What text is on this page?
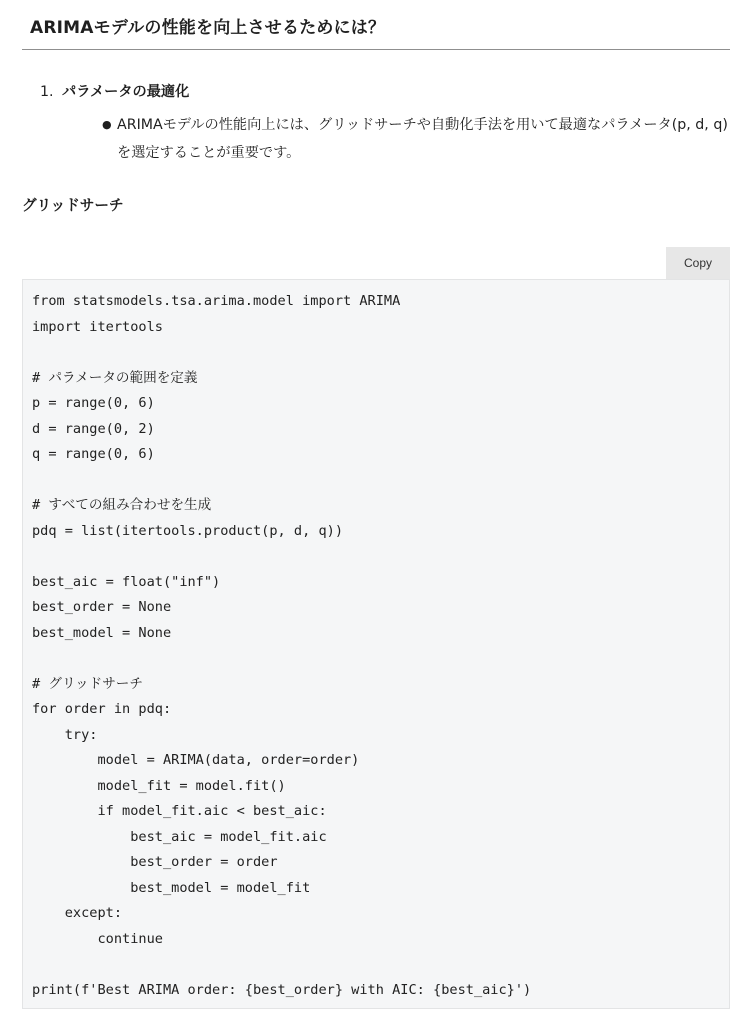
ARIMAモデルの性能を向上させるためには？
1. パラメータの最適化
● ARIMAモデルの性能向上には、グリッドサーチや自動化手法を用いて最適なパラメータ(p, d, q)を選定することが重要です。
グリッドサーチ
Copy
from statsmodels.tsa.arima.model import ARIMA
import itertools
# パラメータの範囲を定義
p = range(0, 6)
d = range(0, 2)
q = range(0, 6)
# すべての組み合わせを生成
pdq = list(itertools.product(p, d, q))
best_aic = float("inf")
best_order = None
best_model = None
# グリッドサーチ
for order in pdq:
try:
model = ARIMA(data, order=order)
model_fit = model.fit()
if model_fit.aic < best_aic:
best_aic = model_fit.aic
best_order = order
best_model = model_fit
except:
continue
print(f'Best ARIMA order: {best_order} with AIC: {best_aic}')
